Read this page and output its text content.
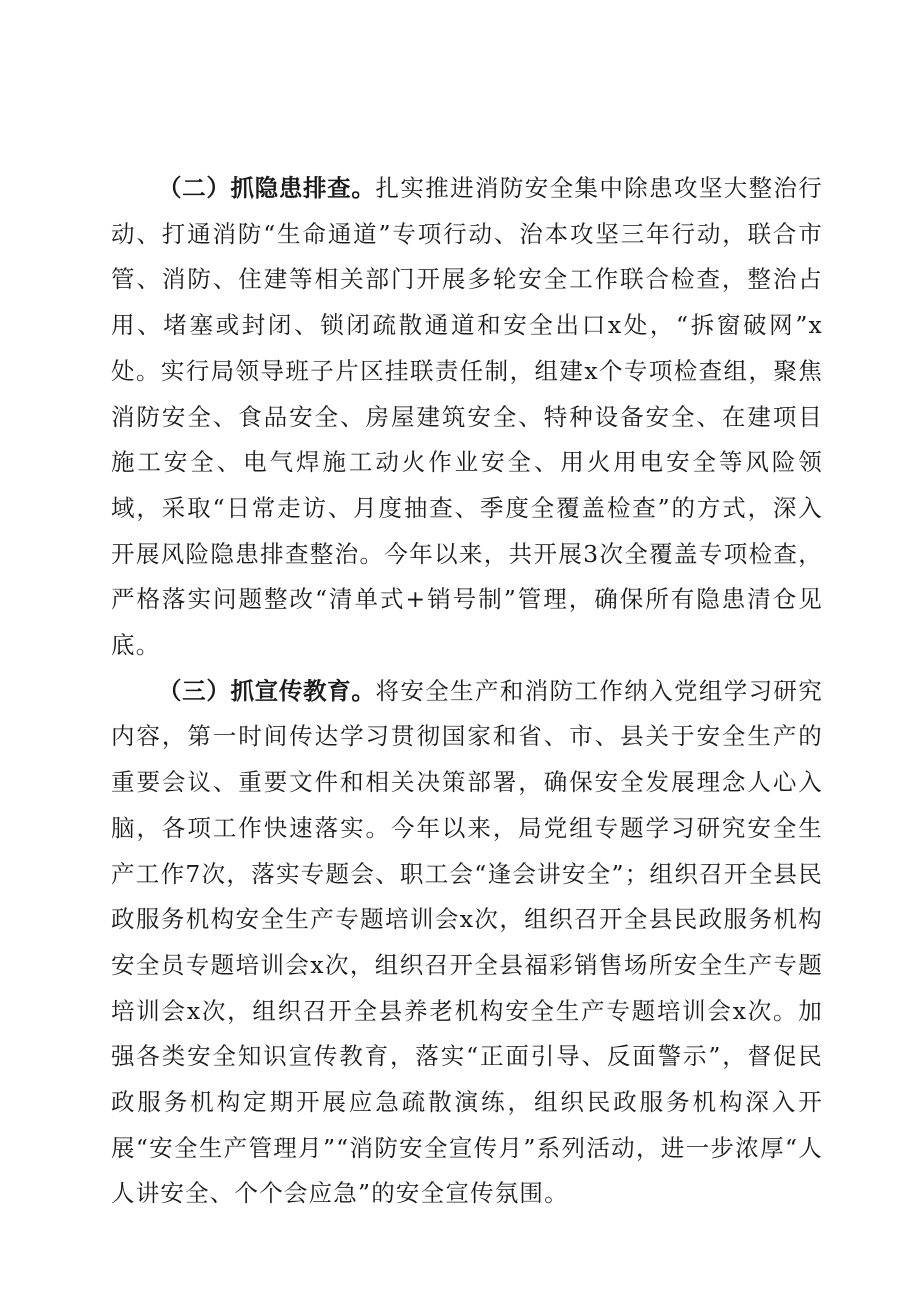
（二）抓隐患排查。扎实推进消防安全集中除患攻坚大整治行动、打通消防“生命通道”专项行动、治本攻坚三年行动，联合市管、消防、住建等相关部门开展多轮安全工作联合检查，整治占用、堵塞或封闭、锁闭疏散通道和安全出口x处，“拆窗破网”x处。实行局领导班子片区挂联责任制，组建x个专项检查组，聚焦消防安全、食品安全、房屋建筑安全、特种设备安全、在建项目施工安全、电气焊施工动火作业安全、用火用电安全等风险领域，采取“日常走访、月度抽查、季度全覆盖检查”的方式，深入开展风险隐患排查整治。今年以来，共开展3次全覆盖专项检查，严格落实问题整改“清单式+销号制”管理，确保所有隐患清仓见底。

（三）抓宣传教育。将安全生产和消防工作纳入党组学习研究内容，第一时间传达学习贯彻国家和省、市、县关于安全生产的重要会议、重要文件和相关决策部署，确保安全发展理念人心入脑，各项工作快速落实。今年以来，局党组专题学习研究安全生产工作7次，落实专题会、职工会“逢会讲安全”；组织召开全县民政服务机构安全生产专题培训会x次，组织召开全县民政服务机构安全员专题培训会x次，组织召开全县福彩销售场所安全生产专题培训会x次，组织召开全县养老机构安全生产专题培训会x次。加强各类安全知识宣传教育，落实“正面引导、反面警示”，督促民政服务机构定期开展应急疏散演练，组织民政服务机构深入开展“安全生产管理月”“消防安全宣传月”系列活动，进一步浓厚“人人讲安全、个个会应急”的安全宣传氛围。
